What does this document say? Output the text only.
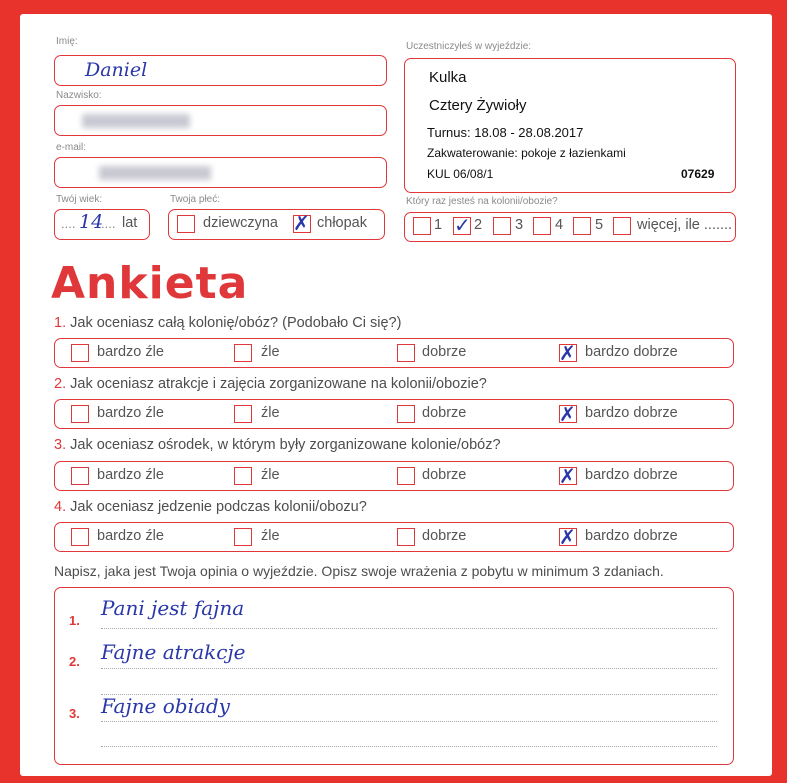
Imię:
Daniel
Nazwisko:
e-mail:
Twój wiek:
.... 14
.... lat
Twoja płeć:
dziewczyna ✗ chłopak
Uczestniczyłeś w wyjeździe:
Kulka
Cztery Żywioły
Turnus: 18.08 - 28.08.2017
Zakwaterowanie: pokoje z łazienkami
KUL 06/08/1	07629
Który raz jesteś na kolonii/obozie?
1 ✓ 2 3 4 5 więcej, ile .......
Ankieta
1. Jak oceniasz całą kolonię/obóz? (Podobało Ci się?)
bardzo źle	źle	dobrze	✗ bardzo dobrze
2. Jak oceniasz atrakcje i zajęcia zorganizowane na kolonii/obozie?
bardzo źle	źle	dobrze	✗ bardzo dobrze
3. Jak oceniasz ośrodek, w którym były zorganizowane kolonie/obóz?
bardzo źle	źle	dobrze	✗ bardzo dobrze
4. Jak oceniasz jedzenie podczas kolonii/obozu?
bardzo źle	źle	dobrze	✗ bardzo dobrze
Napisz, jaka jest Twoja opinia o wyjeździe. Opisz swoje wrażenia z pobytu w minimum 3 zdaniach.
1.
Pani jest fajna
2. Fajne atrakcje
3. Fajne obiady
